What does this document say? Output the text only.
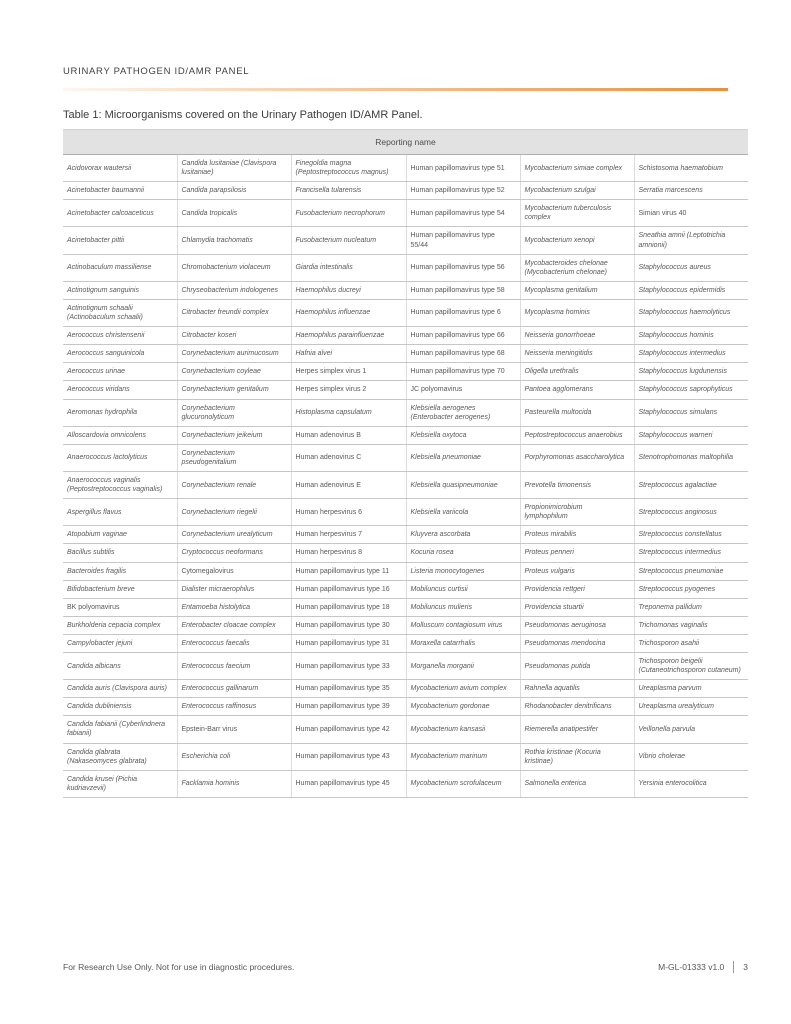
URINARY PATHOGEN ID/AMR PANEL
Table 1: Microorganisms covered on the Urinary Pathogen ID/AMR Panel.
Reporting name					
Acidovorax wautersii	Candida lusitaniae (Clavispora lusitaniae)	Finegoldia magna (Peptostreptococcus magnus)	Human papillomavirus type 51	Mycobacterium simiae complex	Schistosoma haematobium
Acinetobacter baumannii	Candida parapsilosis	Francisella tularensis	Human papillomavirus type 52	Mycobacterium szulgai	Serratia marcescens
Acinetobacter calcoaceticus	Candida tropicalis	Fusobacterium necrophorum	Human papillomavirus type 54	Mycobacterium tuberculosis complex	Simian virus 40
Acinetobacter pittii	Chlamydia trachomatis	Fusobacterium nucleatum	Human papillomavirus type 55/44	Mycobacterium xenopi	Sneathia amnii (Leptotrichia amnionii)
Actinobaculum massiliense	Chromobacterium violaceum	Giardia intestinalis	Human papillomavirus type 56	Mycobacteroides chelonae (Mycobacterium chelonae)	Staphylococcus aureus
Actinotignum sanguinis	Chryseobacterium indologenes	Haemophilus ducreyi	Human papillomavirus type 58	Mycoplasma genitalium	Staphylococcus epidermidis
Actinotignum schaalii (Actinobaculum schaalii)	Citrobacter freundii complex	Haemophilus influenzae	Human papillomavirus type 6	Mycoplasma hominis	Staphylococcus haemolyticus
Aerococcus christensenii	Citrobacter koseri	Haemophilus parainfluenzae	Human papillomavirus type 66	Neisseria gonorrhoeae	Staphylococcus hominis
Aerococcus sanguinicola	Corynebacterium aurimucosum	Hafnia alvei	Human papillomavirus type 68	Neisseria meningitidis	Staphylococcus intermedius
Aerococcus urinae	Corynebacterium coyleae	Herpes simplex virus 1	Human papillomavirus type 70	Oligella urethralis	Staphylococcus lugdunensis
Aerococcus viridans	Corynebacterium genitalium	Herpes simplex virus 2	JC polyomavirus	Pantoea agglomerans	Staphylococcus saprophyticus
Aeromonas hydrophila	Corynebacterium glucuronolyticum	Histoplasma capsulatum	Klebsiella aerogenes (Enterobacter aerogenes)	Pasteurella multocida	Staphylococcus simulans
Alloscardovia omnicolens	Corynebacterium jeikeium	Human adenovirus B	Klebsiella oxytoca	Peptostreptococcus anaerobius	Staphylococcus warneri
Anaerococcus lactolyticus	Corynebacterium pseudogenitalium	Human adenovirus C	Klebsiella pneumoniae	Porphyromonas asaccharolytica	Stenotrophomonas maltophilia
Anaerococcus vaginalis (Peptostreptococcus vaginalis)	Corynebacterium renale	Human adenovirus E	Klebsiella quasipneumoniae	Prevotella timonensis	Streptococcus agalactiae
Aspergillus flavus	Corynebacterium riegelii	Human herpesvirus 6	Klebsiella variicola	Propionimicrobium lymphophilum	Streptococcus anginosus
Atopobium vaginae	Corynebacterium urealyticum	Human herpesvirus 7	Kluyvera ascorbata	Proteus mirabilis	Streptococcus constellatus
Bacillus subtilis	Cryptococcus neoformans	Human herpesvirus 8	Kocuria rosea	Proteus penneri	Streptococcus intermedius
Bacteroides fragilis	Cytomegalovirus	Human papillomavirus type 11	Listeria monocytogenes	Proteus vulgaris	Streptococcus pneumoniae
Bifidobacterium breve	Dialister micraerophilus	Human papillomavirus type 16	Mobiluncus curtisii	Providencia rettgeri	Streptococcus pyogenes
BK polyomavirus	Entamoeba histolytica	Human papillomavirus type 18	Mobiluncus mulieris	Providencia stuartii	Treponema pallidum
Burkholderia cepacia complex	Enterobacter cloacae complex	Human papillomavirus type 30	Molluscum contagiosum virus	Pseudomonas aeruginosa	Trichomonas vaginalis
Campylobacter jejuni	Enterococcus faecalis	Human papillomavirus type 31	Moraxella catarrhalis	Pseudomonas mendocina	Trichosporon asahii
Candida albicans	Enterococcus faecium	Human papillomavirus type 33	Morganella morganii	Pseudomonas putida	Trichosporon beigelii (Cutaneotrichosporon cutaneum)
Candida auris (Clavispora auris)	Enterococcus gallinarum	Human papillomavirus type 35	Mycobacterium avium complex	Rahnella aquatilis	Ureaplasma parvum
Candida dubliniensis	Enterococcus raffinosus	Human papillomavirus type 39	Mycobacterium gordonae	Rhodanobacter denitrificans	Ureaplasma urealyticum
Candida fabianii (Cyberlindnera fabianii)	Epstein-Barr virus	Human papillomavirus type 42	Mycobacterium kansasii	Riemerella anatipestifer	Veillonella parvula
Candida glabrata (Nakaseomyces glabrata)	Escherichia coli	Human papillomavirus type 43	Mycobacterium marinum	Rothia kristinae (Kocuria kristinae)	Vibrio cholerae
Candida krusei (Pichia kudriavzevii)	Facklamia hominis	Human papillomavirus type 45	Mycobacterium scrofulaceum	Salmonella enterica	Yersinia enterocolitica
For Research Use Only. Not for use in diagnostic procedures.	M-GL-01333 v1.0 3
